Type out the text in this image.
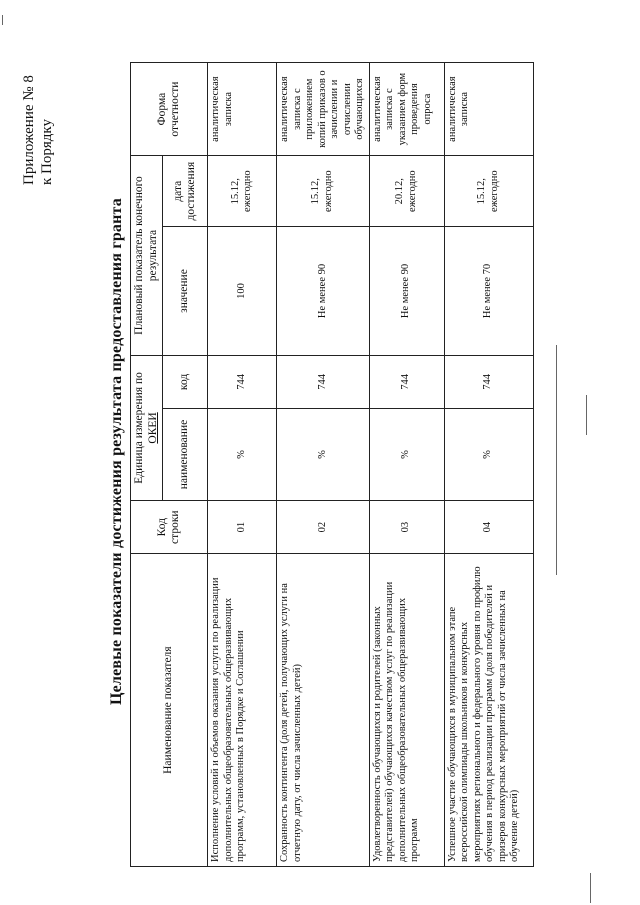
Приложение № 8 к Порядку
Целевые показатели достижения результата предоставления гранта
Наименование показателя	Код строки	Единица измерения по ОКЕИ		Плановый показатель конечного результата		Форма отчетности
		наименование	код	значение	дата достижения	
Исполнение условий и объемов оказания услуги по реализации дополнительных общеобразовательных общеразвивающих программ, установленных в Порядке и Соглашении	01	%	744	100	15.12, ежегодно	аналитическая записка
Сохранность контингента (доля детей, получающих услуги на отчетную дату, от числа зачисленных детей)	02	%	744	Не менее 90	15.12, ежегодно	аналитическая записка с приложением копий приказов о зачислении и отчислении обучающихся
Удовлетворенность обучающихся и родителей (законных представителей) обучающихся качеством услуг по реализации дополнительных общеобразовательных общеразвивающих программ	03	%	744	Не менее 90	20.12, ежегодно	аналитическая записка с указанием форм проведения опроса
Успешное участие обучающихся в муниципальном этапе всероссийской олимпиады школьников и конкурсных мероприятиях регионального и федерального уровня по профилю обучения в период реализации программ (доля победителей и призеров конкурсных мероприятий от числа зачисленных на обучение детей)	04	%	744	Не менее 70	15.12, ежегодно	аналитическая записка
